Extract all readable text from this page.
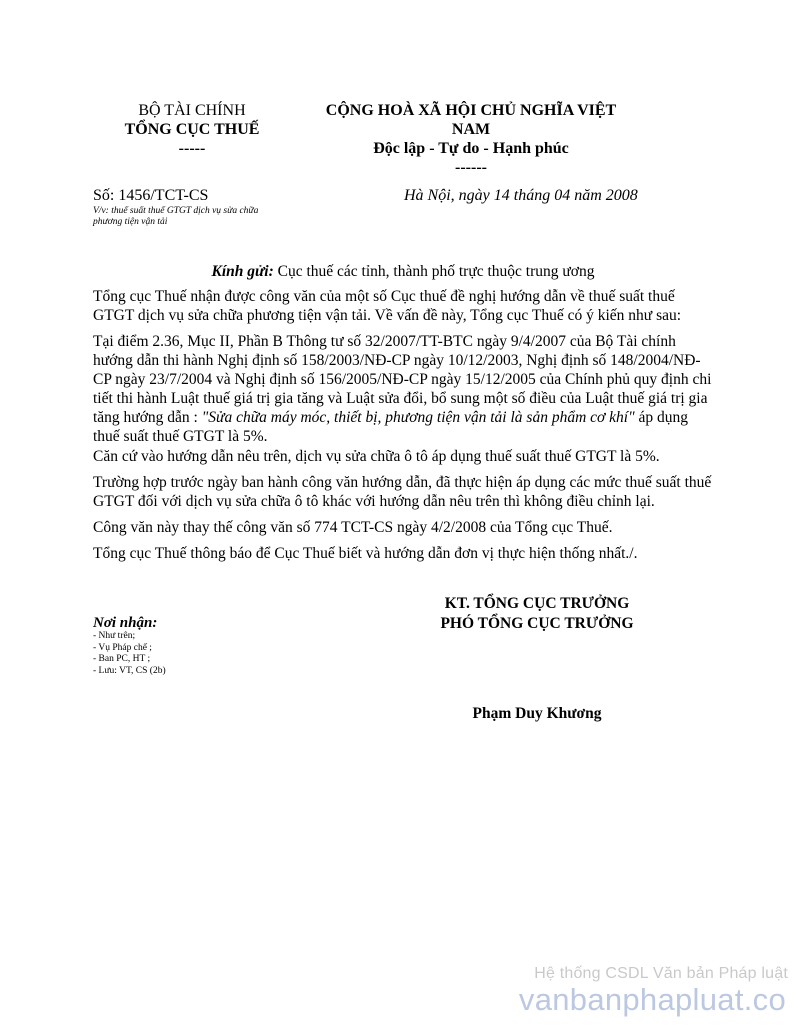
BỘ TÀI CHÍNH
TỔNG CỤC THUẾ
-----
CỘNG HOÀ XÃ HỘI CHỦ NGHĨA VIỆT
NAM
Độc lập - Tự do - Hạnh phúc
------
Số: 1456/TCT-CS
V/v: thuế suất thuế GTGT dịch vụ sửa chữa
phương tiện vận tải
Hà Nội, ngày 14 tháng 04 năm 2008
Kính gửi: Cục thuế các tỉnh, thành phố trực thuộc trung ương
Tổng cục Thuế nhận được công văn của một số Cục thuế đề nghị hướng dẫn về thuế suất thuế GTGT dịch vụ sửa chữa phương tiện vận tải. Về vấn đề này, Tổng cục Thuế có ý kiến như sau:
Tại điểm 2.36, Mục II, Phần B Thông tư số 32/2007/TT-BTC ngày 9/4/2007 của Bộ Tài chính hướng dẫn thi hành Nghị định số 158/2003/NĐ-CP ngày 10/12/2003, Nghị định số 148/2004/NĐ-CP ngày 23/7/2004 và Nghị định số 156/2005/NĐ-CP ngày 15/12/2005 của Chính phủ quy định chi tiết thi hành Luật thuế giá trị gia tăng và Luật sửa đổi, bổ sung một số điều của Luật thuế giá trị gia tăng hướng dẫn : "Sửa chữa máy móc, thiết bị, phương tiện vận tải là sản phẩm cơ khí" áp dụng thuế suất thuế GTGT là 5%.
Căn cứ vào hướng dẫn nêu trên, dịch vụ sửa chữa ô tô áp dụng thuế suất thuế GTGT là 5%.
Trường hợp trước ngày ban hành công văn hướng dẫn, đã thực hiện áp dụng các mức thuế suất thuế GTGT đối với dịch vụ sửa chữa ô tô khác với hướng dẫn nêu trên thì không điều chỉnh lại.
Công văn này thay thế công văn số 774 TCT-CS ngày 4/2/2008 của Tổng cục Thuế.
Tổng cục Thuế thông báo để Cục Thuế biết và hướng dẫn đơn vị thực hiện thống nhất./.
Nơi nhận:
- Như trên;
- Vụ Pháp chế ;
- Ban PC, HT ;
- Lưu: VT, CS (2b)
KT. TỔNG CỤC TRƯỞNG
PHÓ TỔNG CỤC TRƯỞNG
Phạm Duy Khương
Hệ thống CSDL Văn bản Pháp luật
vanbanphapluat.co
